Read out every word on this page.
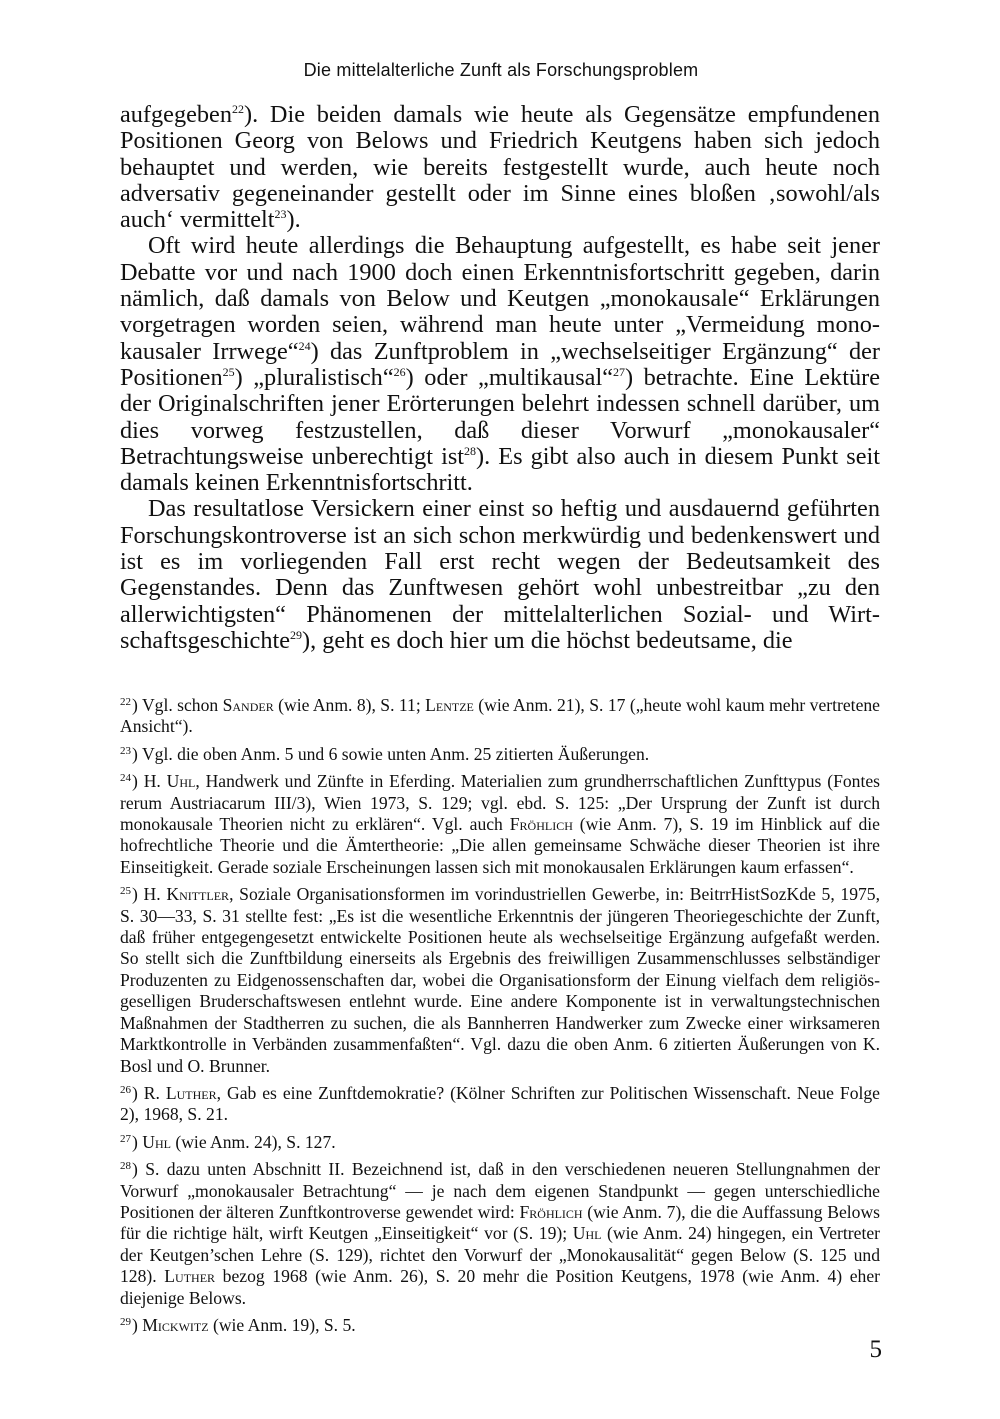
Die mittelalterliche Zunft als Forschungsproblem

aufgegeben$^{22}$). Die beiden damals wie heute als Gegensätze empfundenen Positionen Georg von Belows und Friedrich Keutgens haben sich jedoch behauptet und werden, wie bereits festgestellt wurde, auch heute noch adversativ gegeneinander gestellt oder im Sinne eines bloßen ‚sowohl/als auch‘ vermittelt$^{23}$).

Oft wird heute allerdings die Behauptung aufgestellt, es habe seit jener Debatte vor und nach 1900 doch einen Erkenntnisfortschritt gegeben, darin nämlich, daß damals von Below und Keutgen „monokausale“ Erklärungen vorgetragen worden seien, während man heute unter „Vermeidung monokausaler Irrwege“$^{24}$) das Zunftproblem in „wechselseitiger Ergänzung“ der Positionen$^{25}$) „pluralistisch“$^{26}$) oder „multikausal“$^{27}$) betrachte. Eine Lektüre der Originalschriften jener Erörterungen belehrt indessen schnell darüber, um dies vorweg festzustellen, daß dieser Vorwurf „monokausaler“ Betrachtungsweise unberechtigt ist$^{28}$). Es gibt also auch in diesem Punkt seit damals keinen Erkenntnisfortschritt.

Das resultatlose Versickern einer einst so heftig und ausdauernd geführten Forschungskontroverse ist an sich schon merkwürdig und bedenkenswert und ist es im vorliegenden Fall erst recht wegen der Bedeutsamkeit des Gegenstandes. Denn das Zunftwesen gehört wohl unbestreitbar „zu den allerwichtigsten“ Phänomenen der mittelalterlichen Sozial- und Wirtschaftsgeschichte$^{29}$), geht es doch hier um die höchst bedeutsame, die

$^{22}$) Vgl. schon Sander (wie Anm. 8), S. 11; Lentze (wie Anm. 21), S. 17 („heute wohl kaum mehr vertretene Ansicht“).

$^{23}$) Vgl. die oben Anm. 5 und 6 sowie unten Anm. 25 zitierten Äußerungen.

$^{24}$) H. Uhl, Handwerk und Zünfte in Eferding. Materialien zum grundherrschaftlichen Zunfttypus (Fontes rerum Austriacarum III/3), Wien 1973, S. 129; vgl. ebd. S. 125: „Der Ursprung der Zunft ist durch monokausale Theorien nicht zu erklären“. Vgl. auch Fröhlich (wie Anm. 7), S. 19 im Hinblick auf die hofrechtliche Theorie und die Ämtertheorie: „Die allen gemeinsame Schwäche dieser Theorien ist ihre Einseitigkeit. Gerade soziale Erscheinungen lassen sich mit monokausalen Erklärungen kaum erfassen“.

$^{25}$) H. Knittler, Soziale Organisationsformen im vorindustriellen Gewerbe, in: BeitrrHistSozKde 5, 1975, S. 30—33, S. 31 stellte fest: „Es ist die wesentliche Erkenntnis der jüngeren Theoriegeschichte der Zunft, daß früher entgegengesetzt entwickelte Positionen heute als wechselseitige Ergänzung aufgefaßt werden. So stellt sich die Zunftbildung einerseits als Ergebnis des freiwilligen Zusammenschlusses selbständiger Produzenten zu Eidgenossenschaften dar, wobei die Organisationsform der Einung vielfach dem religiös-geselligen Bruderschaftswesen entlehnt wurde. Eine andere Komponente ist in verwaltungstechnischen Maßnahmen der Stadtherren zu suchen, die als Bannherren Handwerker zum Zwecke einer wirksameren Marktkontrolle in Verbänden zusammenfaßten“. Vgl. dazu die oben Anm. 6 zitierten Äußerungen von K. Bosl und O. Brunner.

$^{26}$) R. Luther, Gab es eine Zunftdemokratie? (Kölner Schriften zur Politischen Wissenschaft. Neue Folge 2), 1968, S. 21.

$^{27}$) Uhl (wie Anm. 24), S. 127.

$^{28}$) S. dazu unten Abschnitt II. Bezeichnend ist, daß in den verschiedenen neueren Stellungnahmen der Vorwurf „monokausaler Betrachtung“ — je nach dem eigenen Standpunkt — gegen unterschiedliche Positionen der älteren Zunftkontroverse gewendet wird: Fröhlich (wie Anm. 7), die die Auffassung Belows für die richtige hält, wirft Keutgen „Einseitigkeit“ vor (S. 19); Uhl (wie Anm. 24) hingegen, ein Vertreter der Keutgen’schen Lehre (S. 129), richtet den Vorwurf der „Monokausalität“ gegen Below (S. 125 und 128). Luther bezog 1968 (wie Anm. 26), S. 20 mehr die Position Keutgens, 1978 (wie Anm. 4) eher diejenige Belows.

$^{29}$) Mickwitz (wie Anm. 19), S. 5.

5
